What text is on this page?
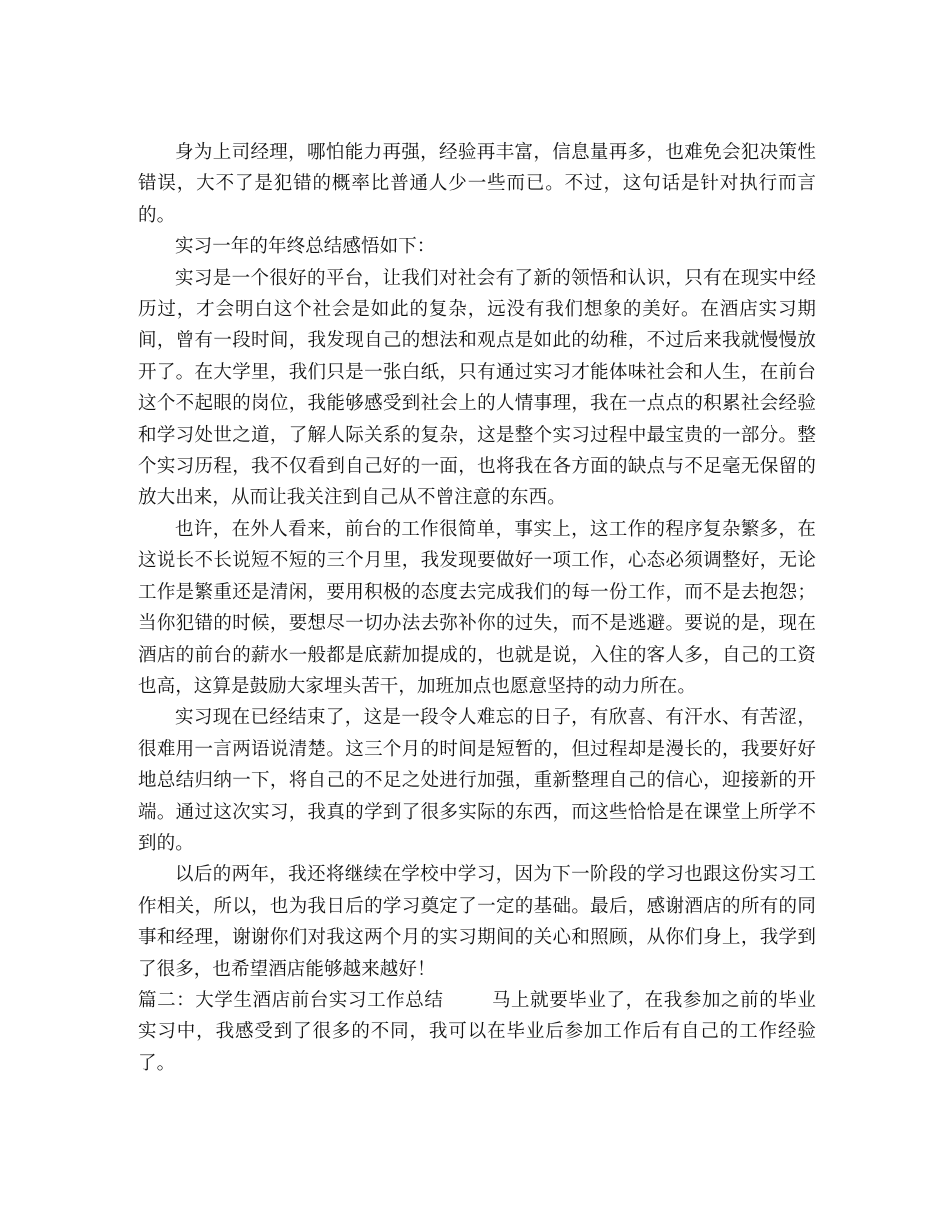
身为上司经理，哪怕能力再强，经验再丰富，信息量再多，也难免会犯决策性错误，大不了是犯错的概率比普通人少一些而已。不过，这句话是针对执行而言的。

实习一年的年终总结感悟如下：

实习是一个很好的平台，让我们对社会有了新的领悟和认识，只有在现实中经历过，才会明白这个社会是如此的复杂，远没有我们想象的美好。在酒店实习期间，曾有一段时间，我发现自己的想法和观点是如此的幼稚，不过后来我就慢慢放开了。在大学里，我们只是一张白纸，只有通过实习才能体味社会和人生，在前台这个不起眼的岗位，我能够感受到社会上的人情事理，我在一点点的积累社会经验和学习处世之道，了解人际关系的复杂，这是整个实习过程中最宝贵的一部分。整个实习历程，我不仅看到自己好的一面，也将我在各方面的缺点与不足毫无保留的放大出来，从而让我关注到自己从不曾注意的东西。

也许，在外人看来，前台的工作很简单，事实上，这工作的程序复杂繁多，在这说长不长说短不短的三个月里，我发现要做好一项工作，心态必须调整好，无论工作是繁重还是清闲，要用积极的态度去完成我们的每一份工作，而不是去抱怨；当你犯错的时候，要想尽一切办法去弥补你的过失，而不是逃避。要说的是，现在酒店的前台的薪水一般都是底薪加提成的，也就是说，入住的客人多，自己的工资也高，这算是鼓励大家埋头苦干，加班加点也愿意坚持的动力所在。

实习现在已经结束了，这是一段令人难忘的日子，有欣喜、有汗水、有苦涩，很难用一言两语说清楚。这三个月的时间是短暂的，但过程却是漫长的，我要好好地总结归纳一下，将自己的不足之处进行加强，重新整理自己的信心，迎接新的开端。通过这次实习，我真的学到了很多实际的东西，而这些恰恰是在课堂上所学不到的。

以后的两年，我还将继续在学校中学习，因为下一阶段的学习也跟这份实习工作相关，所以，也为我日后的学习奠定了一定的基础。最后，感谢酒店的所有的同事和经理，谢谢你们对我这两个月的实习期间的关心和照顾，从你们身上，我学到了很多，也希望酒店能够越来越好！

篇二：大学生酒店前台实习工作总结	马上就要毕业了，在我参加之前的毕业实习中，我感受到了很多的不同，我可以在毕业后参加工作后有自己的工作经验了。
